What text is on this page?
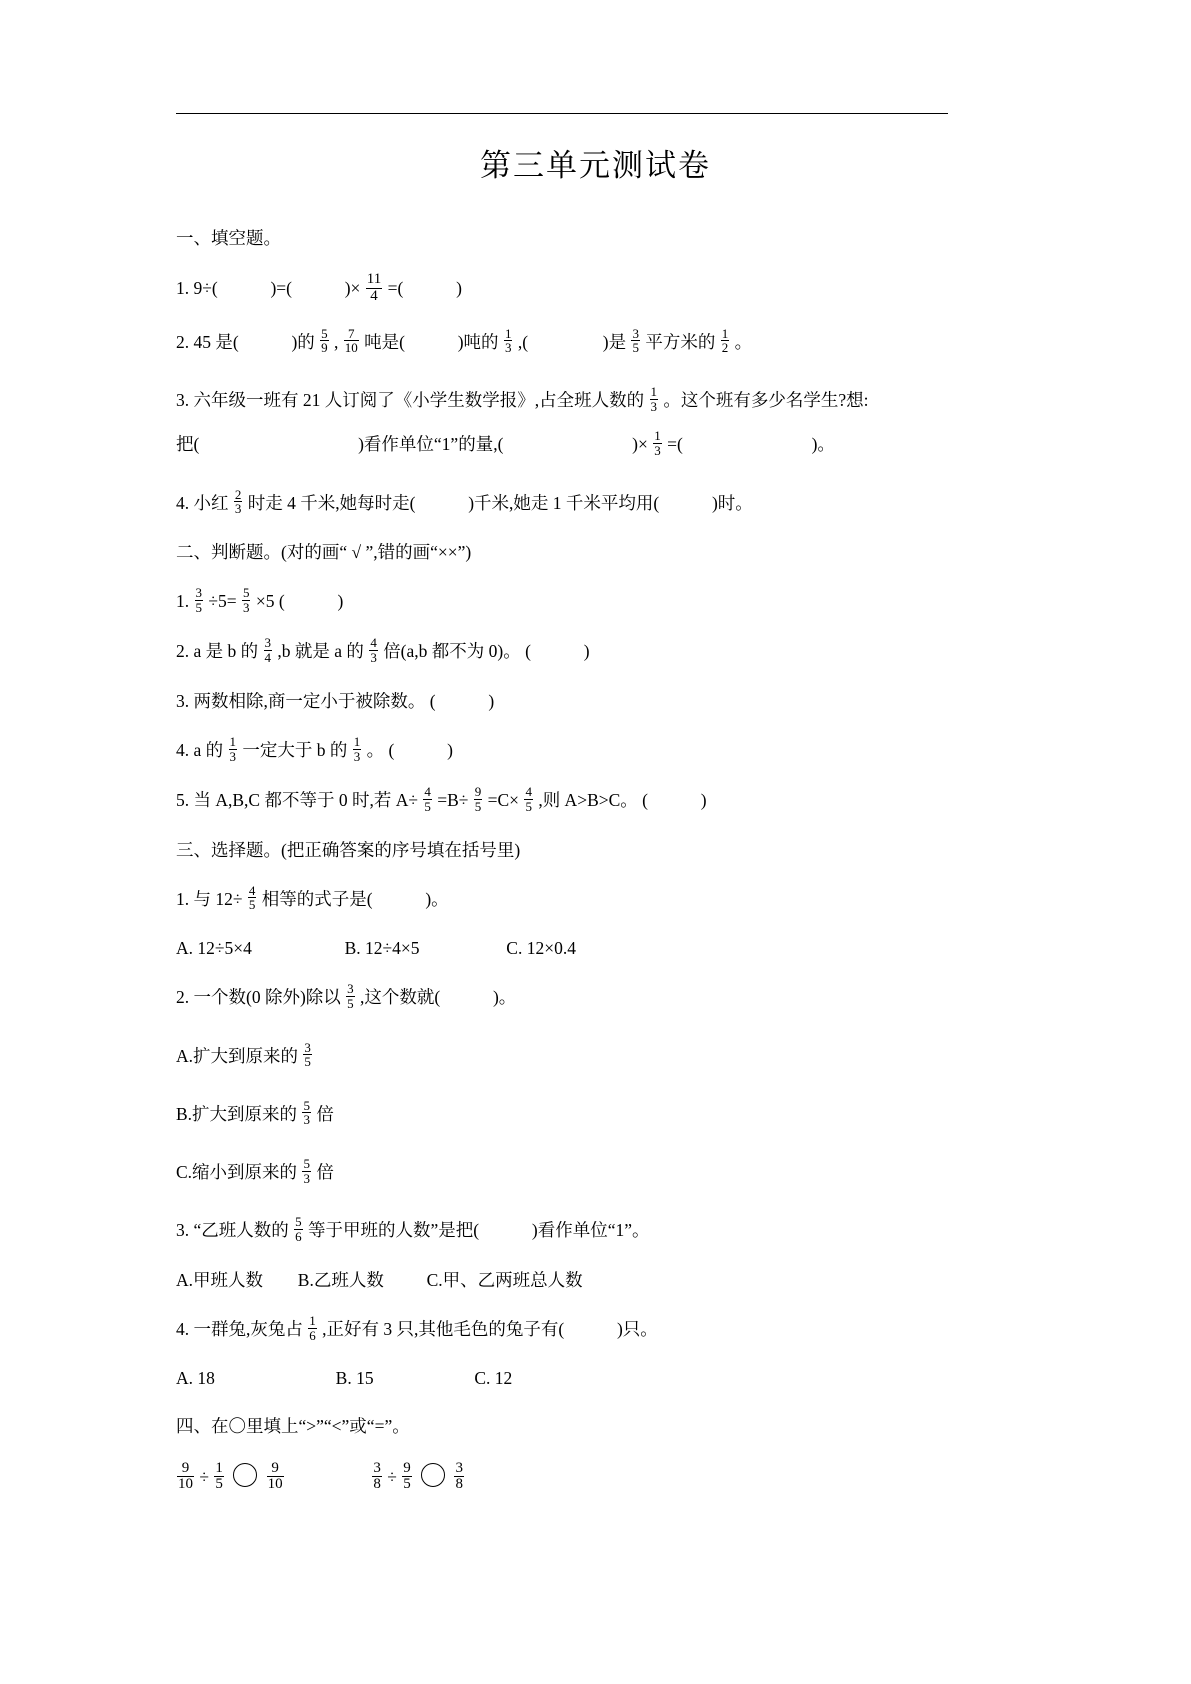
第三单元测试卷
一、填空题。
1. 9÷(	)=(	)× $\frac{11}{4}$ =(	)
2. 45 是(	)的 $\frac{5}{9}$ , $\frac{7}{10}$ 吨是(	)吨的 $\frac{1}{3}$ ,(	)是 $\frac{3}{5}$ 平方米的 $\frac{1}{2}$ 。
3. 六年级一班有 21 人订阅了《小学生数学报》,占全班人数的 $\frac{1}{3}$ 。这个班有多少名学生?想:
把(	)看作单位“1”的量,(	)× $\frac{1}{3}$ =(	)。
4. 小红 $\frac{2}{3}$ 时走 4 千米,她每时走(	)千米,她走 1 千米平均用(	)时。
二、判断题。(对的画“ √ ”,错的画“××”)
1. $\frac{3}{5} \div 5= \frac{5}{3} \times 5$ (	)
2. a 是 b 的 $\frac{3}{4} ,b$ 就是 a 的 $\frac{4}{3}$ 倍(a,b 都不为 0)。 (	)
3. 两数相除,商一定小于被除数。 (	)
4. a 的 $\frac{1}{3}$ 一定大于 b 的 $\frac{1}{3}$ 。 (	)
5. 当 A,B,C 都不等于 0 时,若 $A\div \frac{4}{5} =B\div \frac{9}{5} =C\times \frac{4}{5}$ ,则 A>B>C。 (	)
三、选择题。(把正确答案的序号填在括号里)
1. 与 $12\div \frac{4}{5}$ 相等的式子是(	)。
A. 12÷5×4	B. 12÷4×5	C. 12×0.4
2. 一个数(0 除外)除以 $\frac{3}{5}$ ,这个数就(	)。
A.扩大到原来的 $\frac{3}{5}$
B.扩大到原来的 $\frac{5}{3}$ 倍
C.缩小到原来的 $\frac{5}{3}$ 倍
3. “乙班人数的 $\frac{5}{6}$ 等于甲班的人数”是把(	)看作单位“1”。
A.甲班人数 B.乙班人数 C.甲、乙两班总人数
4. 一群兔,灰兔占 $\frac{1}{6}$ ,正好有 3 只,其他毛色的兔子有(	)只。
A. 18	B. 15	C. 12
四、在〇里填上“>”“<”或“=”。
$\frac{9}{10} \div \frac{1}{5}$
	$\frac{9}{10}$
	$\frac{3}{8} \div \frac{9}{5}$
	$\frac{3}{8}$
